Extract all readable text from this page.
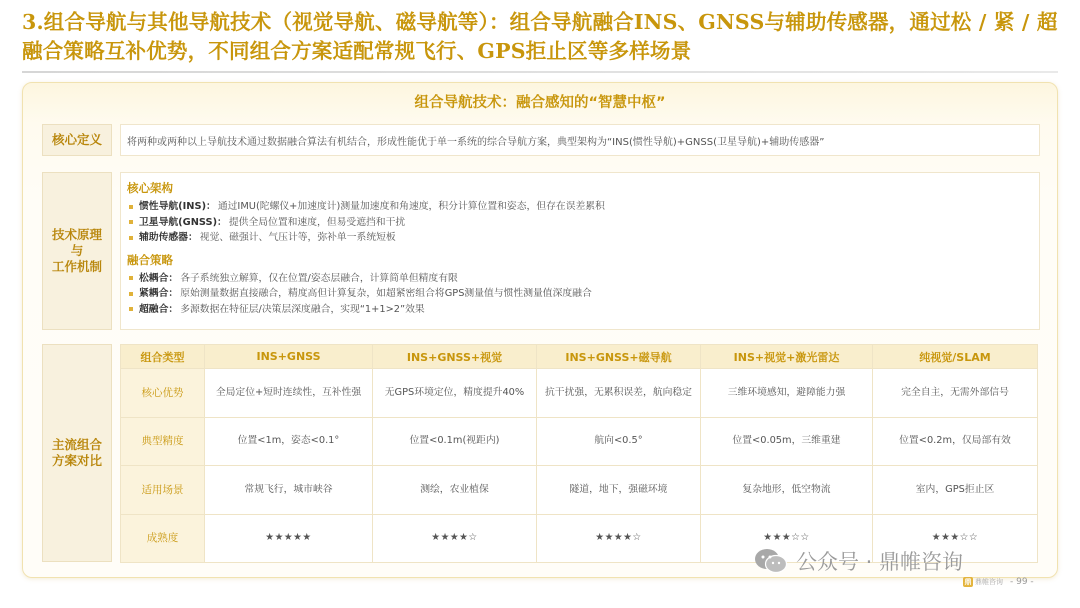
3.组合导航与其他导航技术（视觉导航、磁导航等）：组合导航融合INS、GNSS与辅助传感器，通过松 / 紧 / 超融合策略互补优势，不同组合方案适配常规飞行、GPS拒止区等多样场景
组合导航技术：融合感知的“智慧中枢”
核心定义	将两种或两种以上导航技术通过数据融合算法有机结合，形成性能优于单一系统的综合导航方案，典型架构为“INS(惯性导航)+GNSS(卫星导航)+辅助传感器”
技术原理
与
工作机制
核心架构
惯性导航(INS)： 通过IMU(陀螺仪+加速度计)测量加速度和角速度，积分计算位置和姿态，但存在误差累积
卫星导航(GNSS)： 提供全局位置和速度，但易受遮挡和干扰
辅助传感器： 视觉、磁强计、气压计等，弥补单一系统短板
融合策略
松耦合： 各子系统独立解算，仅在位置/姿态层融合，计算简单但精度有限
紧耦合： 原始测量数据直接融合，精度高但计算复杂，如超紧密组合将GPS测量值与惯性测量值深度融合
超融合： 多源数据在特征层/决策层深度融合，实现“1+1>2”效果
主流组合
方案对比
组合类型	INS+GNSS	INS+GNSS+视觉	INS+GNSS+磁导航	INS+视觉+激光雷达	纯视觉/SLAM
核心优势	全局定位+短时连续性，互补性强	无GPS环境定位，精度提升40%	抗干扰强，无累积误差，航向稳定	三维环境感知，避障能力强	完全自主，无需外部信号
典型精度	位置<1m，姿态<0.1°	位置<0.1m(视距内)	航向<0.5°	位置<0.05m，三维重建	位置<0.2m，仅局部有效
适用场景	常规飞行，城市峡谷	测绘，农业植保	隧道，地下，强磁环境	复杂地形，低空物流	室内，GPS拒止区
成熟度	★★★★★	★★★★☆	★★★★☆	★★★☆☆	★★★☆☆
公众号 · 鼎帷咨询
鼎 鼎帷咨询 - 99 -
